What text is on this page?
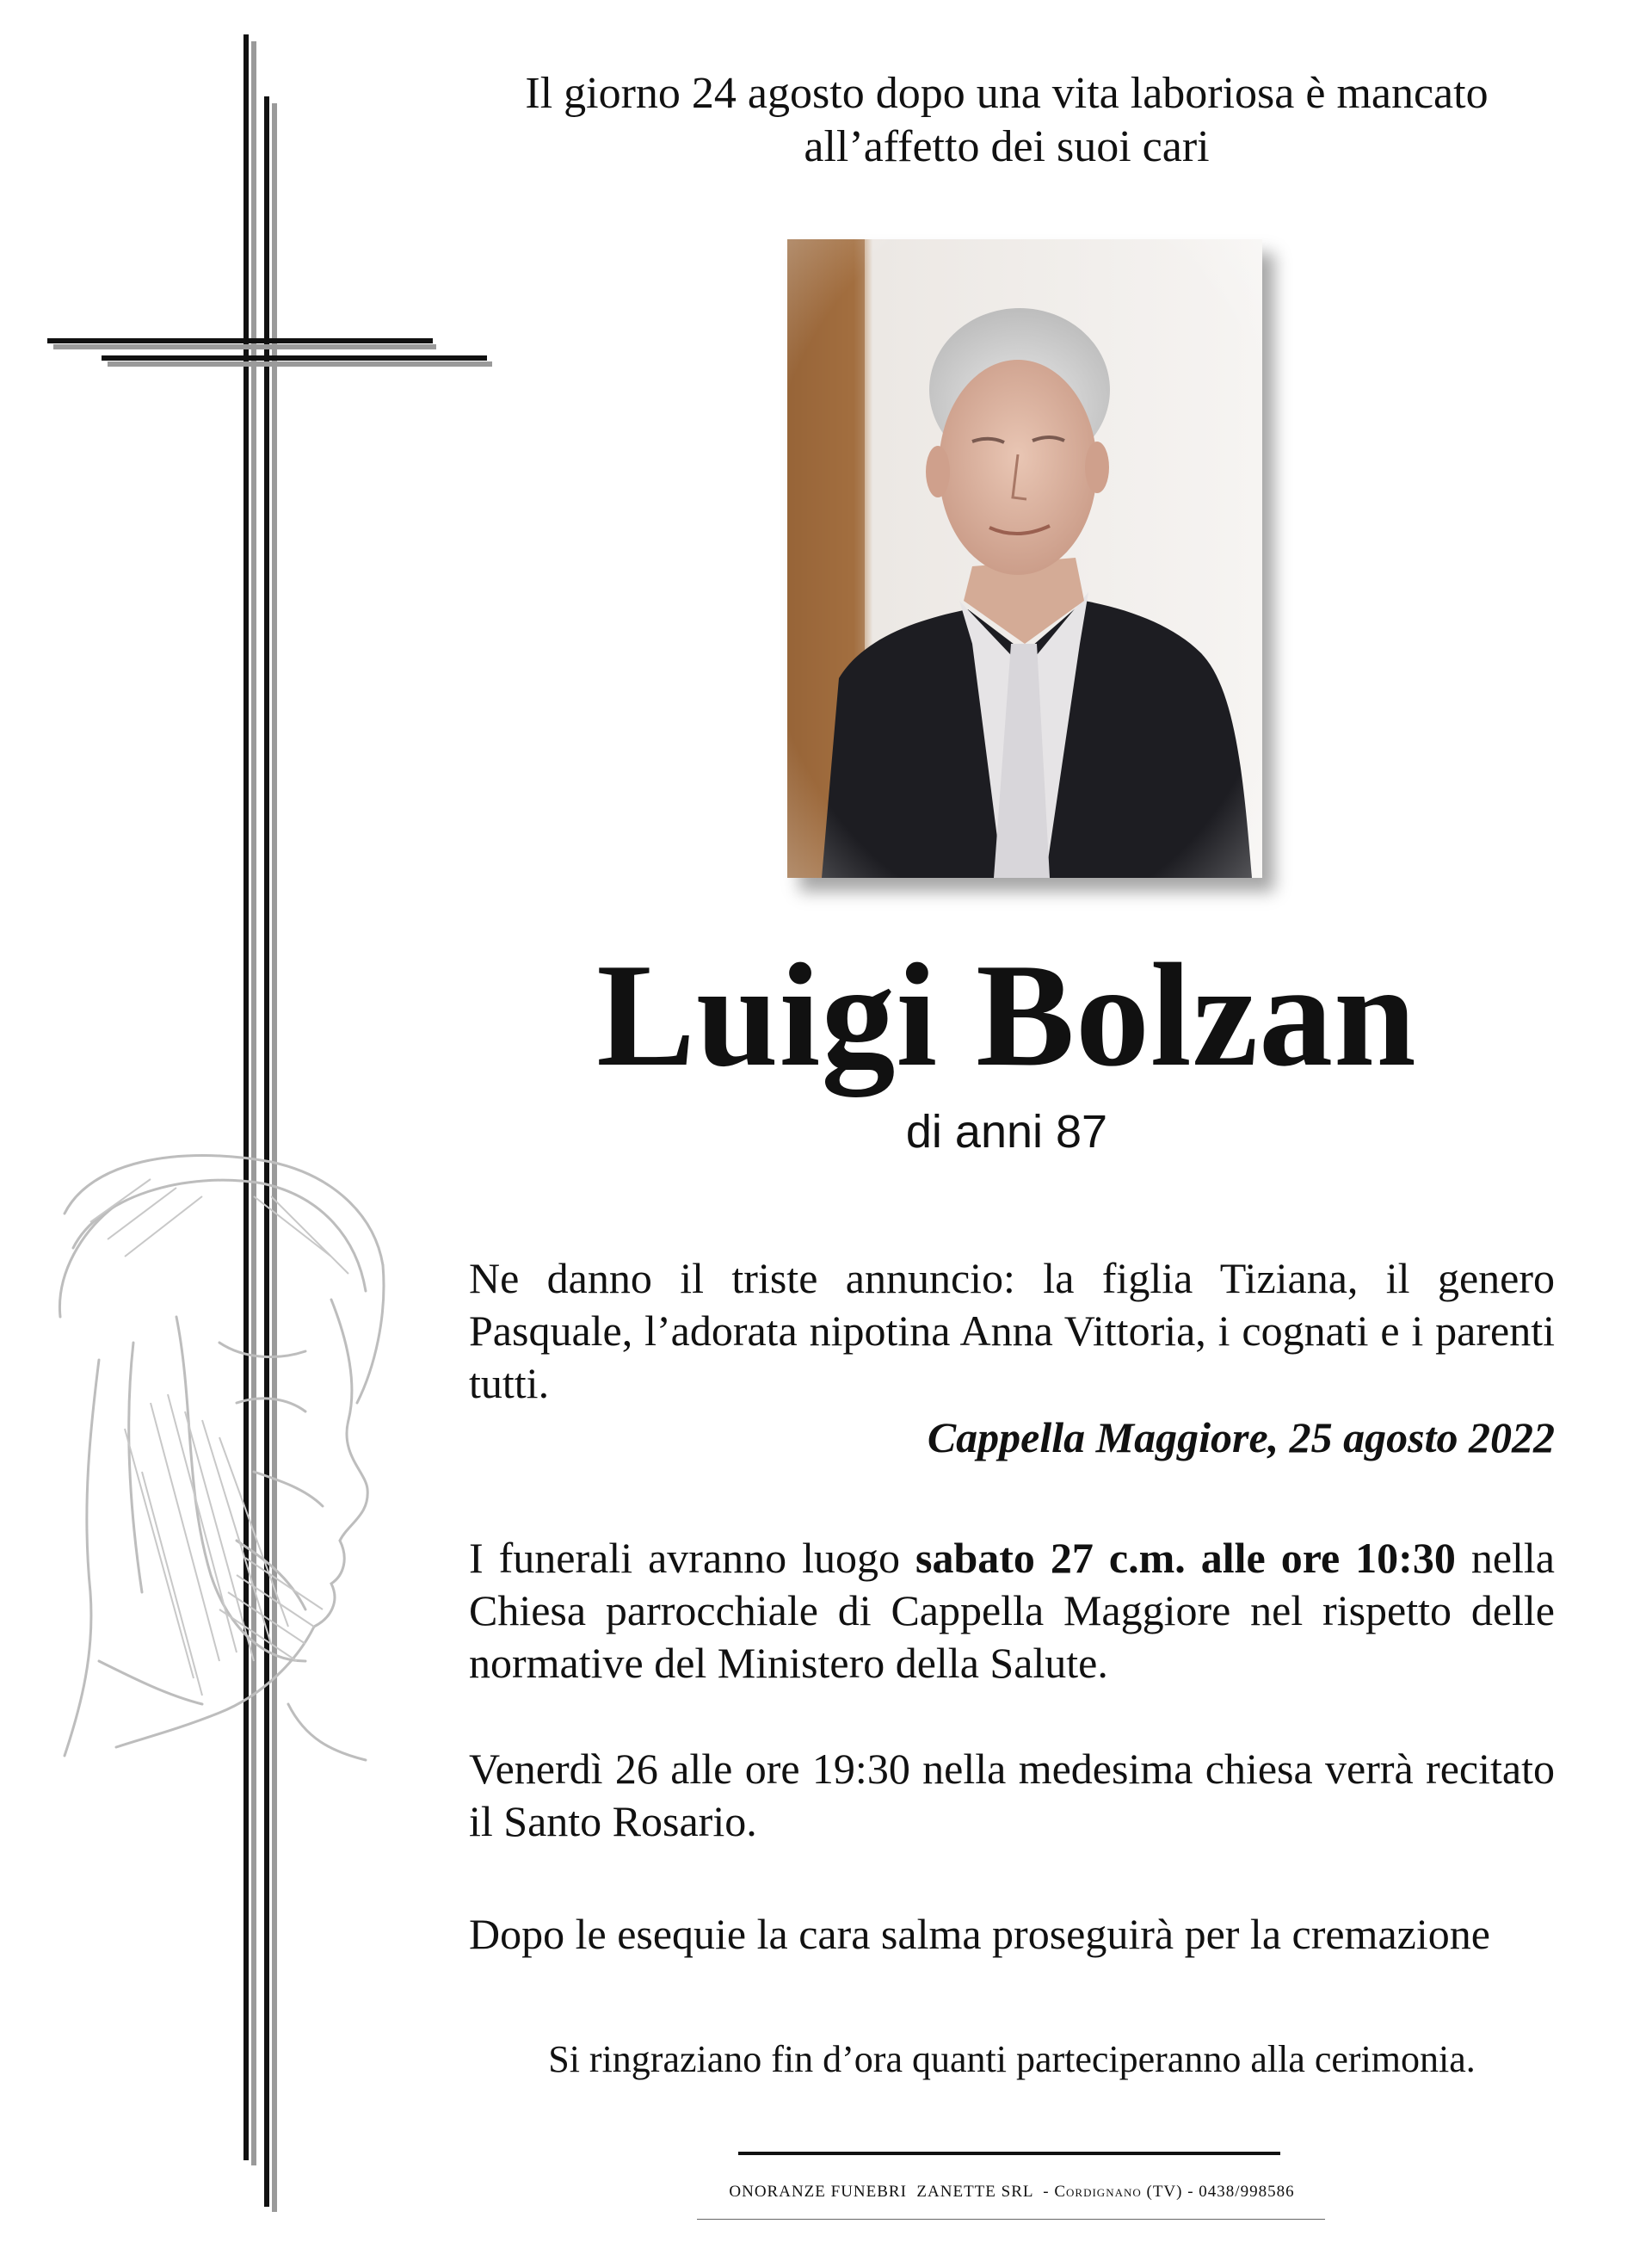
Il giorno 24 agosto dopo una vita laboriosa è mancato
all’affetto dei suoi cari
Luigi Bolzan
di anni 87
Ne danno il triste annuncio: la figlia Tiziana, il genero Pasquale, l’adorata nipotina Anna Vittoria, i cognati e i parenti tutti.
Cappella Maggiore, 25 agosto 2022
I funerali avranno luogo sabato 27 c.m. alle ore 10:30 nella Chiesa parrocchiale di Cappella Maggiore nel rispetto delle normative del Ministero della Salute.
Venerdì 26 alle ore 19:30 nella medesima chiesa verrà recitato il Santo Rosario.
Dopo le esequie la cara salma proseguirà per la cremazione
Si ringraziano fin d’ora quanti parteciperanno alla cerimonia.
ONORANZE FUNEBRI  ZANETTE SRL  - Cordignano (TV) - 0438/998586
